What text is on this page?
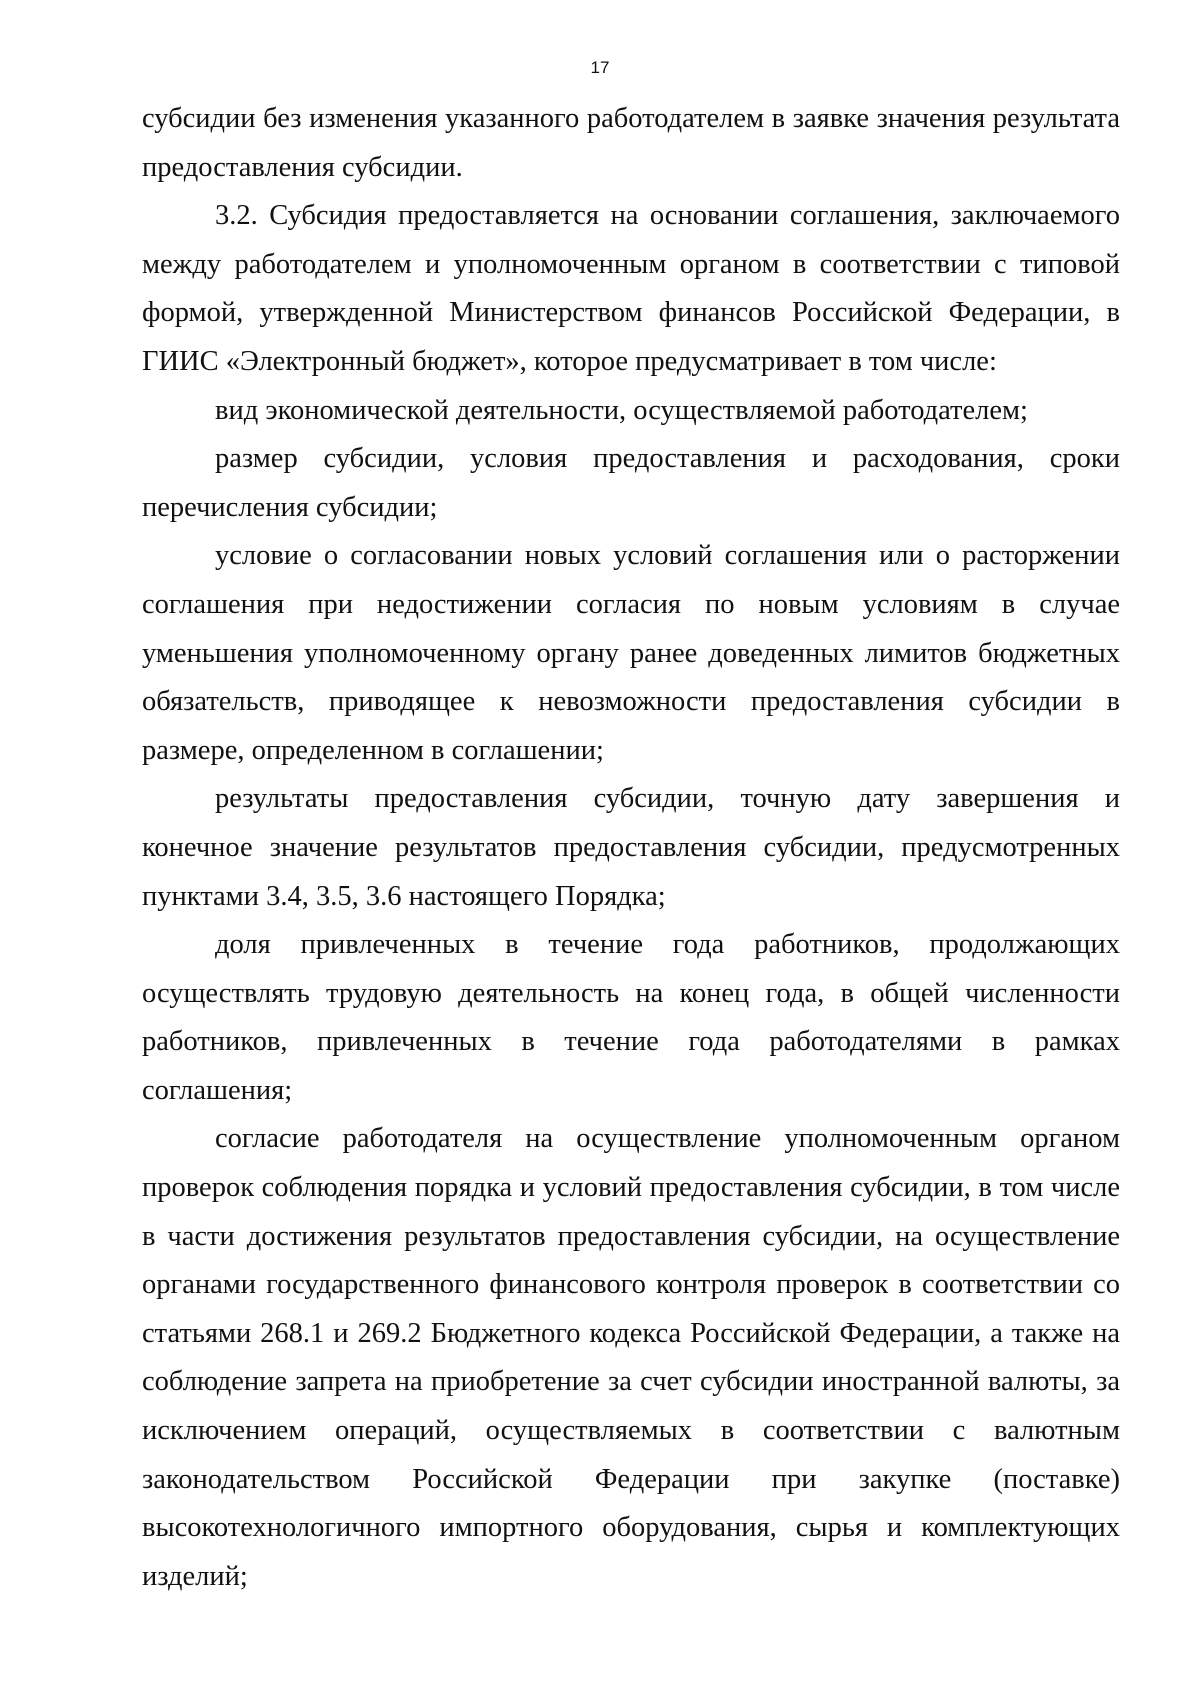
17

субсидии без изменения указанного работодателем в заявке значения результата предоставления субсидии.

3.2. Субсидия предоставляется на основании соглашения, заключаемого между работодателем и уполномоченным органом в соответствии с типовой формой, утвержденной Министерством финансов Российской Федерации, в ГИИС «Электронный бюджет», которое предусматривает в том числе:

вид экономической деятельности, осуществляемой работодателем;

размер субсидии, условия предоставления и расходования, сроки перечисления субсидии;

условие о согласовании новых условий соглашения или о расторжении соглашения при недостижении согласия по новым условиям в случае уменьшения уполномоченному органу ранее доведенных лимитов бюджетных обязательств, приводящее к невозможности предоставления субсидии в размере, определенном в соглашении;

результаты предоставления субсидии, точную дату завершения и конечное значение результатов предоставления субсидии, предусмотренных пунктами 3.4, 3.5, 3.6 настоящего Порядка;

доля привлеченных в течение года работников, продолжающих осуществлять трудовую деятельность на конец года, в общей численности работников, привлеченных в течение года работодателями в рамках соглашения;

согласие работодателя на осуществление уполномоченным органом проверок соблюдения порядка и условий предоставления субсидии, в том числе в части достижения результатов предоставления субсидии, на осуществление органами государственного финансового контроля проверок в соответствии со статьями 268.1 и 269.2 Бюджетного кодекса Российской Федерации, а также на соблюдение запрета на приобретение за счет субсидии иностранной валюты, за исключением операций, осуществляемых в соответствии с валютным законодательством Российской Федерации при закупке (поставке) высокотехнологичного импортного оборудования, сырья и комплектующих изделий;
